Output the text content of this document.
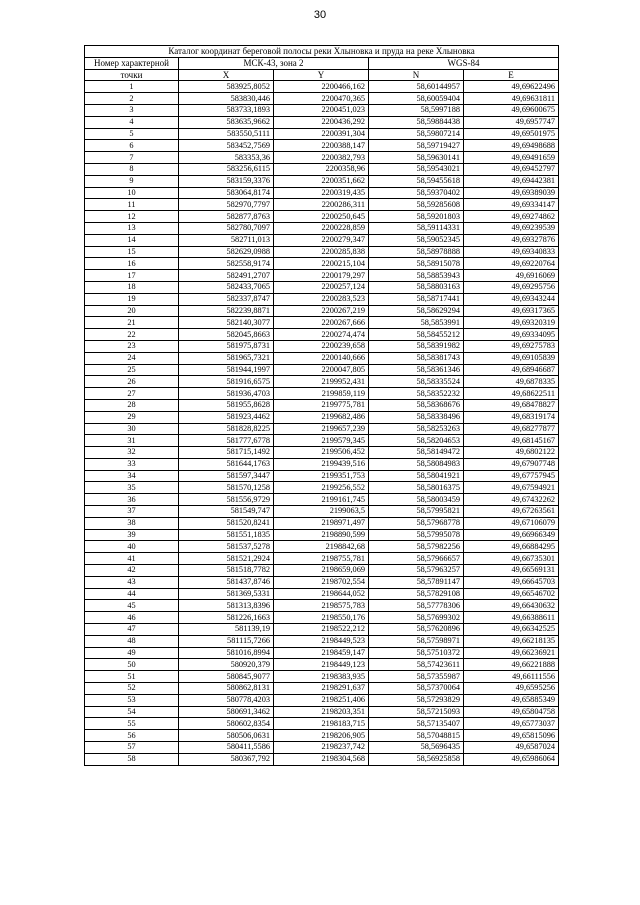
30
Каталог координат береговой полосы реки Хлыновка и пруда на реке Хлыновка				
Номер характерной	МСК-43, зона 2		WGS-84	
точки	X	Y	N	E
1	583925,8052	2200466,162	58,60144957	49,69622496
2	583830,446	2200470,365	58,60059404	49,69631811
3	583733,1893	2200451,023	58,5997188	49,69600675
4	583635,9662	2200436,292	58,59884438	49,6957747
5	583550,5111	2200391,304	58,59807214	49,69501975
6	583452,7569	2200388,147	58,59719427	49,69498688
7	583353,36	2200382,793	58,59630141	49,69491659
8	583256,6115	2200358,96	58,59543021	49,69452797
9	583159,3376	2200351,662	58,59455618	49,69442381
10	583064,8174	2200319,435	58,59370402	49,69389039
11	582970,7797	2200286,311	58,59285608	49,69334147
12	582877,8763	2200250,645	58,59201803	49,69274862
13	582780,7097	2200228,859	58,59114331	49,69239539
14	582711,013	2200279,347	58,59052345	49,69327876
15	582629,0988	2200285,838	58,58978888	49,69340833
16	582558,9174	2200215,104	58,58915078	49,69220764
17	582491,2707	2200179,297	58,58853943	49,6916069
18	582433,7065	2200257,124	58,58803163	49,69295756
19	582337,8747	2200283,523	58,58717441	49,69343244
20	582239,8871	2200267,219	58,58629294	49,69317365
21	582140,3077	2200267,666	58,5853991	49,69320319
22	582045,8663	2200274,474	58,58455212	49,69334095
23	581975,8731	2200239,658	58,58391982	49,69275783
24	581965,7321	2200140,666	58,58381743	49,69105839
25	581944,1997	2200047,805	58,58361346	49,68946687
26	581916,6575	2199952,431	58,58335524	49,6878335
27	581936,4703	2199859,119	58,58352232	49,68622511
28	581955,8628	2199775,781	58,58368676	49,68478827
29	581923,4462	2199682,486	58,58338496	49,68319174
30	581828,8225	2199657,239	58,58253263	49,68277877
31	581777,6778	2199579,345	58,58204653	49,68145167
32	581715,1492	2199506,452	58,58149472	49,6802122
33	581644,1763	2199439,516	58,58084983	49,67907748
34	581597,3447	2199351,753	58,58041921	49,67757945
35	581570,1258	2199256,552	58,58016375	49,67594921
36	581556,9729	2199161,745	58,58003459	49,67432262
37	581549,747	2199063,5	58,57995821	49,67263561
38	581520,8241	2198971,497	58,57968778	49,67106079
39	581551,1835	2198890,599	58,57995078	49,66966349
40	581537,5278	2198842,68	58,57982256	49,66884295
41	581521,2924	2198755,781	58,57966657	49,66735301
42	581518,7782	2198659,069	58,57963257	49,66569131
43	581437,8746	2198702,554	58,57891147	49,66645703
44	581369,5331	2198644,052	58,57829108	49,66546702
45	581313,8396	2198575,783	58,57778306	49,66430632
46	581226,1663	2198550,176	58,57699302	49,66388611
47	581139,19	2198522,212	58,57620896	49,66342525
48	581115,7266	2198449,523	58,57598971	49,66218135
49	581016,8994	2198459,147	58,57510372	49,66236921
50	580920,379	2198449,123	58,57423611	49,66221888
51	580845,9077	2198383,935	58,57355987	49,66111556
52	580862,8131	2198291,637	58,57370064	49,6595256
53	580778,4203	2198251,406	58,57293829	49,65885349
54	580691,3462	2198203,351	58,57215093	49,65804758
55	580602,8354	2198183,715	58,57135407	49,65773037
56	580506,0631	2198206,905	58,57048815	49,65815096
57	580411,5586	2198237,742	58,5696435	49,6587024
58	580367,792	2198304,568	58,56925858	49,65986064
